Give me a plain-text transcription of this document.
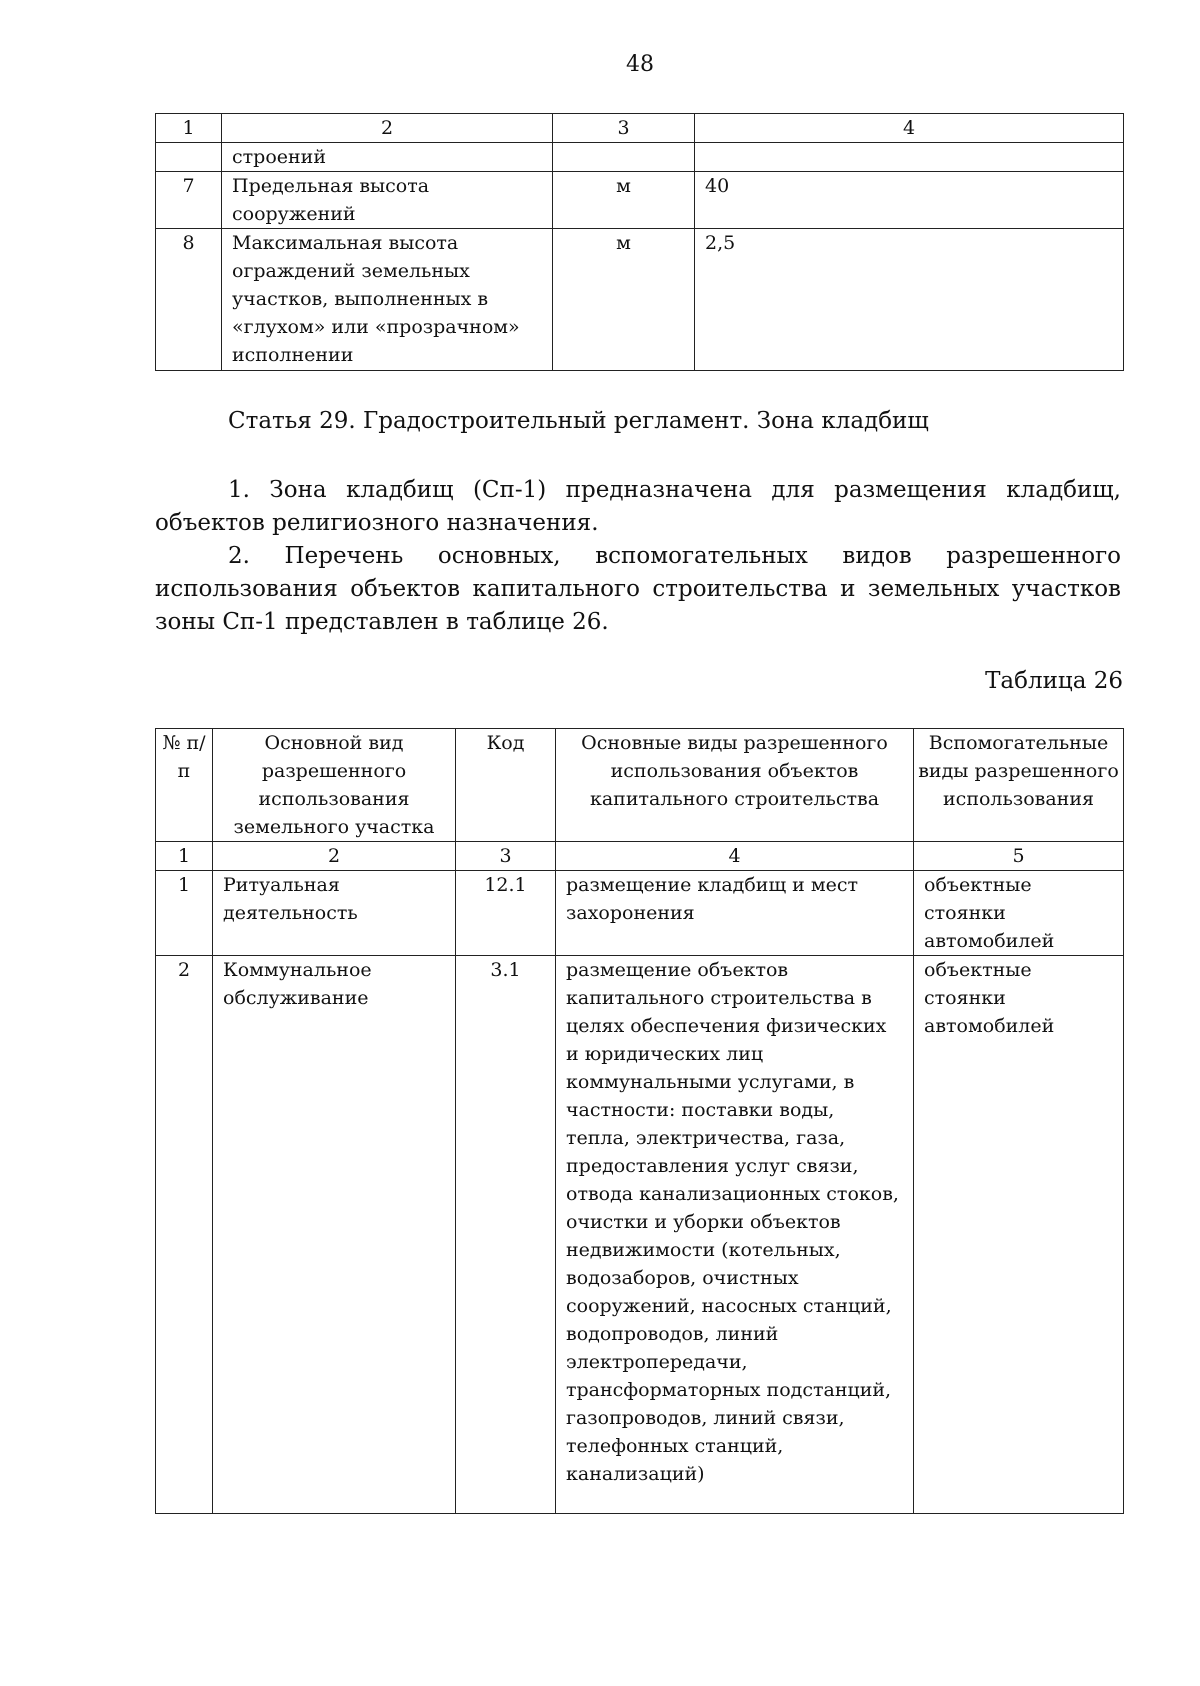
48
1	2	3	4
	строений		
7	Предельная высота сооружений	м	40
8	Максимальная высота ограждений земельных участков, выполненных в «глухом» или «прозрачном» исполнении	м	2,5
Статья 29. Градостроительный регламент. Зона кладбищ
1. Зона кладбищ (Сп-1) предназначена для размещения кладбищ, объектов религиозного назначения.
2. Перечень основных, вспомогательных видов разрешенного использования объектов капитального строительства и земельных участков зоны Сп-1 представлен в таблице 26.
Таблица 26
№ п/п	Основной вид разрешенного использования земельного участка	Код	Основные виды разрешенного использования объектов капитального строительства	Вспомогательные виды разрешенного использования
1	2	3	4	5
1	Ритуальная деятельность	12.1	размещение кладбищ и мест захоронения	объектные стоянки автомобилей
2	Коммунальное обслуживание	3.1	размещение объектов капитального строительства в целях обеспечения физических и юридических лиц коммунальными услугами, в частности: поставки воды, тепла, электричества, газа, предоставления услуг связи, отвода канализационных стоков, очистки и уборки объектов недвижимости (котельных, водозаборов, очистных сооружений, насосных станций, водопроводов, линий электропередачи, трансформаторных подстанций, газопроводов, линий связи, телефонных станций, канализаций)	объектные стоянки автомобилей
